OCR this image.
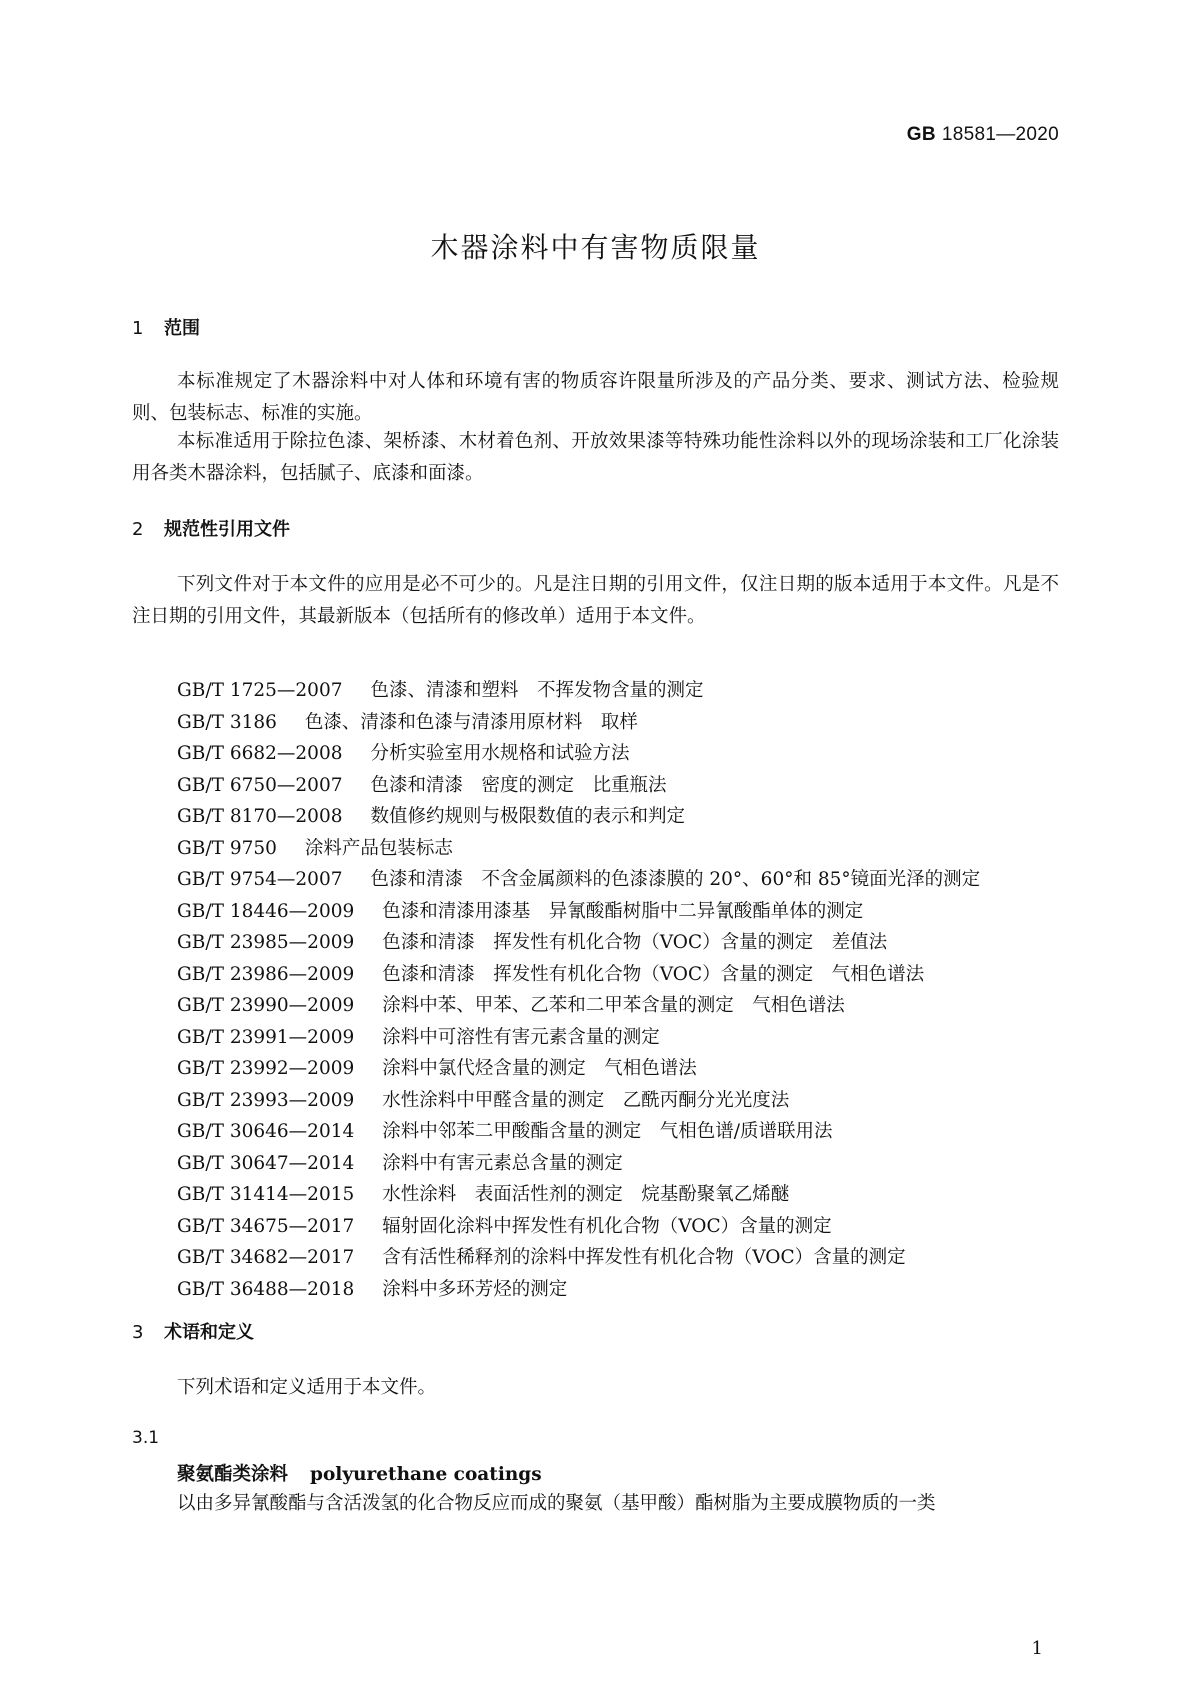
GB 18581—2020
木器涂料中有害物质限量
1 范围
本标准规定了木器涂料中对人体和环境有害的物质容许限量所涉及的产品分类、要求、测试方法、检验规则、包装标志、标准的实施。
本标准适用于除拉色漆、架桥漆、木材着色剂、开放效果漆等特殊功能性涂料以外的现场涂装和工厂化涂装用各类木器涂料，包括腻子、底漆和面漆。
2 规范性引用文件
下列文件对于本文件的应用是必不可少的。凡是注日期的引用文件，仅注日期的版本适用于本文件。凡是不注日期的引用文件，其最新版本（包括所有的修改单）适用于本文件。
GB/T 1725—2007 色漆、清漆和塑料　不挥发物含量的测定
GB/T 3186 色漆、清漆和色漆与清漆用原材料　取样
GB/T 6682—2008 分析实验室用水规格和试验方法
GB/T 6750—2007 色漆和清漆　密度的测定　比重瓶法
GB/T 8170—2008 数值修约规则与极限数值的表示和判定
GB/T 9750 涂料产品包装标志
GB/T 9754—2007 色漆和清漆　不含金属颜料的色漆漆膜的 20°、60°和 85°镜面光泽的测定
GB/T 18446—2009 色漆和清漆用漆基　异氰酸酯树脂中二异氰酸酯单体的测定
GB/T 23985—2009 色漆和清漆　挥发性有机化合物（VOC）含量的测定　差值法
GB/T 23986—2009 色漆和清漆　挥发性有机化合物（VOC）含量的测定　气相色谱法
GB/T 23990—2009 涂料中苯、甲苯、乙苯和二甲苯含量的测定　气相色谱法
GB/T 23991—2009 涂料中可溶性有害元素含量的测定
GB/T 23992—2009 涂料中氯代烃含量的测定　气相色谱法
GB/T 23993—2009 水性涂料中甲醛含量的测定　乙酰丙酮分光光度法
GB/T 30646—2014 涂料中邻苯二甲酸酯含量的测定　气相色谱/质谱联用法
GB/T 30647—2014 涂料中有害元素总含量的测定
GB/T 31414—2015 水性涂料　表面活性剂的测定　烷基酚聚氧乙烯醚
GB/T 34675—2017 辐射固化涂料中挥发性有机化合物（VOC）含量的测定
GB/T 34682—2017 含有活性稀释剂的涂料中挥发性有机化合物（VOC）含量的测定
GB/T 36488—2018 涂料中多环芳烃的测定
3 术语和定义
下列术语和定义适用于本文件。
3.1
聚氨酯类涂料 polyurethane coatings
以由多异氰酸酯与含活泼氢的化合物反应而成的聚氨（基甲酸）酯树脂为主要成膜物质的一类
1
